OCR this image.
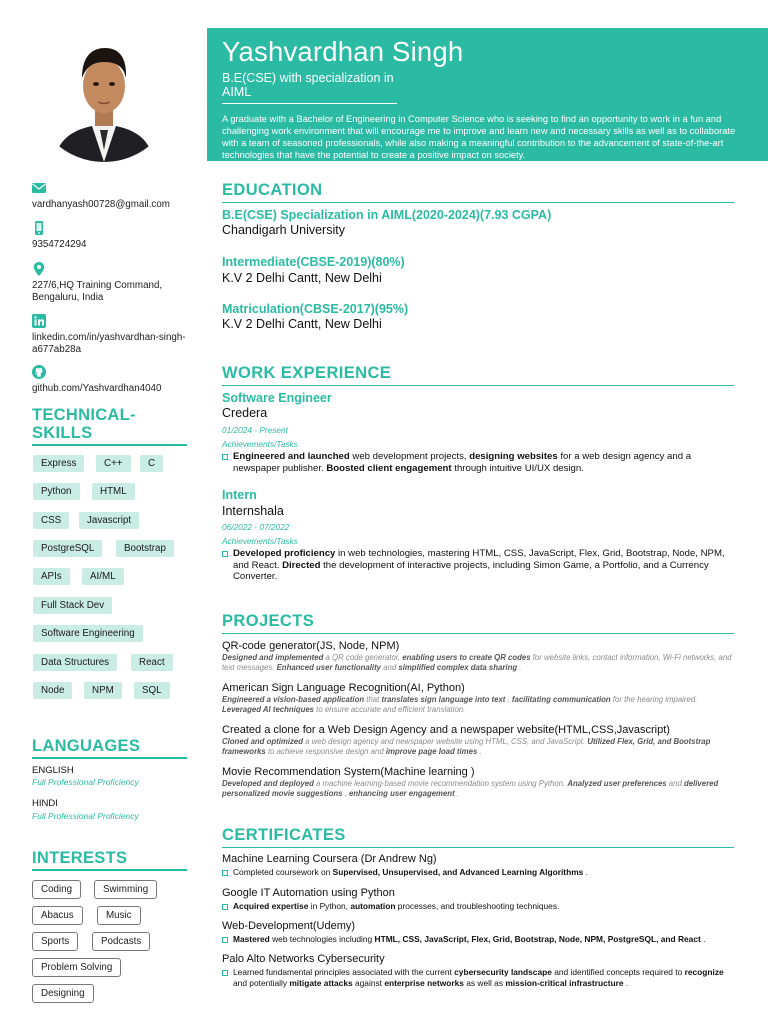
vardhanyash00728@gmail.com
9354724294
227/6,HQ Training Command, Bengaluru, India
linkedin.com/in/yashvardhan-singh-a677ab28a
github.com/Yashvardhan4040
TECHNICAL-
SKILLS
Express	C++	C
Python	HTML
CSS	Javascript
PostgreSQL	Bootstrap
APIs	AI/ML
Full Stack Dev
Software Engineering
Data Structures	React
Node	NPM	SQL
LANGUAGES
ENGLISH
Full Professional Proficiency
HINDI
Full Professional Proficiency
INTERESTS
Coding	Swimming
Abacus	Music
Sports	Podcasts
Problem Solving
Designing
Yashvardhan Singh
B.E(CSE) with specialization in AIML
A graduate with a Bachelor of Engineering in Computer Science who is seeking to find an opportunity to work in a fun and challenging work environment that will encourage me to improve and learn new and necessary skills as well as to collaborate with a team of seasoned professionals, while also making a meaningful contribution to the advancement of state-of-the-art technologies that have the potential to create a positive impact on society.
EDUCATION
B.E(CSE) Specialization in AIML(2020-2024)(7.93 CGPA)
Chandigarh University
Intermediate(CBSE-2019)(80%)
K.V 2 Delhi Cantt, New Delhi
Matriculation(CBSE-2017)(95%)
K.V 2 Delhi Cantt, New Delhi
WORK EXPERIENCE
Software Engineer
Credera
01/2024 - Present
Achievements/Tasks
Engineered and launched web development projects, designing websites for a web design agency and a newspaper publisher. Boosted client engagement through intuitive UI/UX design.
Intern
Internshala
06/2022 - 07/2022
Achievements/Tasks
Developed proficiency in web technologies, mastering HTML, CSS, JavaScript, Flex, Grid, Bootstrap, Node, NPM, and React. Directed the development of interactive projects, including Simon Game, a Portfolio, and a Currency Converter.
PROJECTS
QR-code generator(JS, Node, NPM)
Designed and implemented a QR code generator, enabling users to create QR codes for website links, contact information, Wi-Fi networks, and text messages. Enhanced user functionality and simplified complex data sharing .
American Sign Language Recognition(AI, Python)
Engineered a vision-based application that translates sign language into text , facilitating communication for the hearing impaired. Leveraged AI techniques to ensure accurate and efficient translation.
Created a clone for a Web Design Agency and a newspaper website(HTML,CSS,Javascript)
Cloned and optimized a web design agency and newspaper website using HTML, CSS, and JavaScript. Utilized Flex, Grid, and Bootstrap frameworks to achieve responsive design and improve page load times .
Movie Recommendation System(Machine learning )
Developed and deployed a machine learning-based movie recommendation system using Python. Analyzed user preferences and delivered personalized movie suggestions , enhancing user engagement .
CERTIFICATES
Machine Learning Coursera (Dr Andrew Ng)
Completed coursework on Supervised, Unsupervised, and Advanced Learning Algorithms .
Google IT Automation using Python
Acquired expertise in Python, automation processes, and troubleshooting techniques.
Web-Development(Udemy)
Mastered web technologies including HTML, CSS, JavaScript, Flex, Grid, Bootstrap, Node, NPM, PostgreSQL, and React .
Palo Alto Networks Cybersecurity
Learned fundamental principles associated with the current cybersecurity landscape and identified concepts required to recognize and potentially mitigate attacks against enterprise networks as well as mission-critical infrastructure .
